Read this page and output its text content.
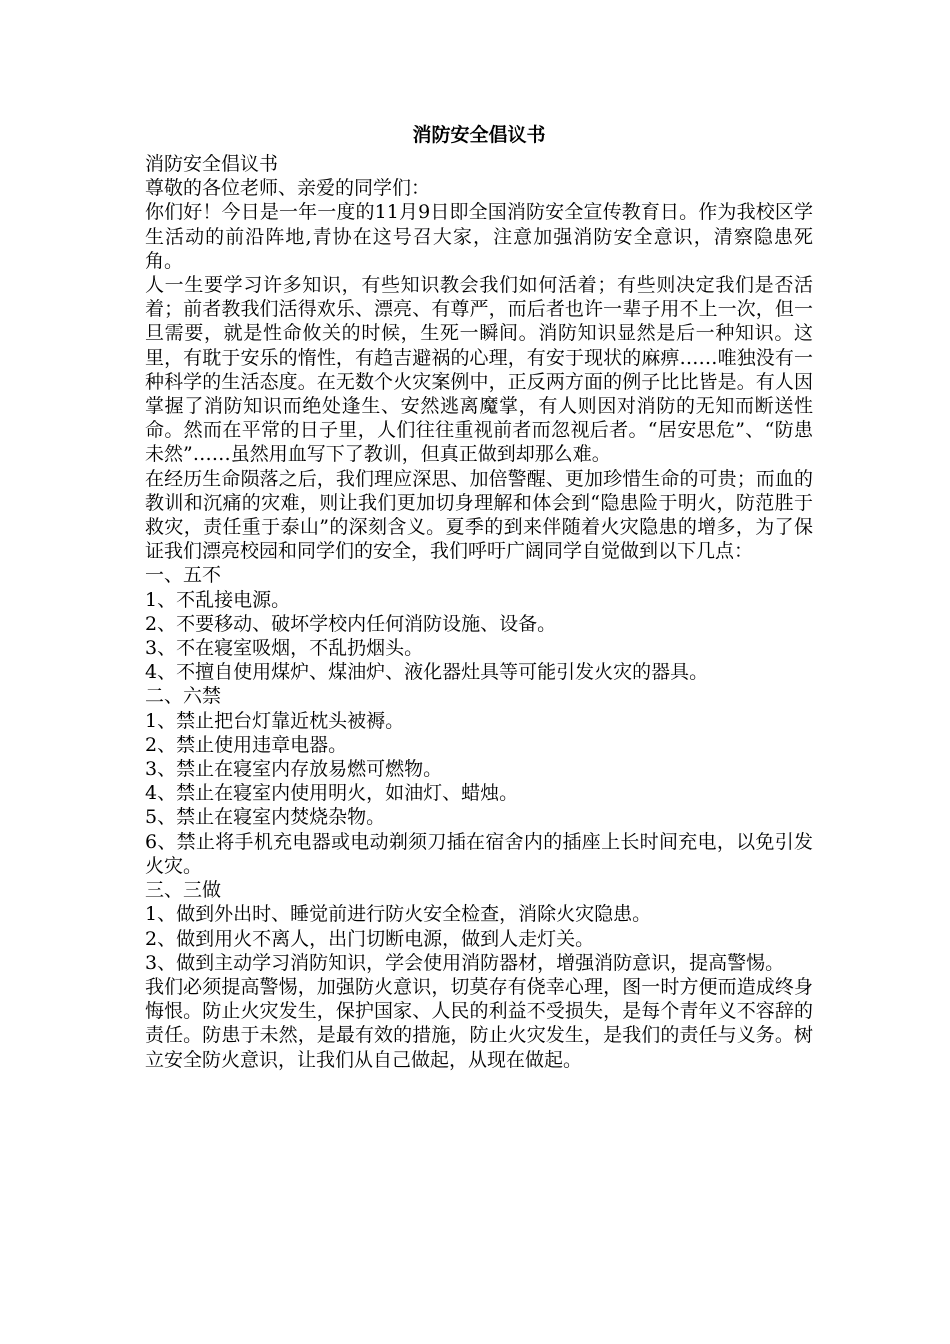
消防安全倡议书

消防安全倡议书

尊敬的各位老师、亲爱的同学们：

你们好！今日是一年一度的11月9日即全国消防安全宣传教育日。作为我校区学生活动的前沿阵地,青协在这号召大家，注意加强消防安全意识，清察隐患死角。

人一生要学习许多知识，有些知识教会我们如何活着；有些则决定我们是否活着；前者教我们活得欢乐、漂亮、有尊严，而后者也许一辈子用不上一次，但一旦需要，就是性命攸关的时候，生死一瞬间。消防知识显然是后一种知识。这里，有耽于安乐的惰性，有趋吉避祸的心理，有安于现状的麻痹……唯独没有一种科学的生活态度。在无数个火灾案例中，正反两方面的例子比比皆是。有人因掌握了消防知识而绝处逢生、安然逃离魔掌，有人则因对消防的无知而断送性命。然而在平常的日子里，人们往往重视前者而忽视后者。“居安思危”、“防患未然”……虽然用血写下了教训，但真正做到却那么难。

在经历生命陨落之后，我们理应深思、加倍警醒、更加珍惜生命的可贵；而血的教训和沉痛的灾难，则让我们更加切身理解和体会到“隐患险于明火，防范胜于救灾，责任重于泰山”的深刻含义。夏季的到来伴随着火灾隐患的增多，为了保证我们漂亮校园和同学们的安全，我们呼吁广阔同学自觉做到以下几点：

一、五不

1、不乱接电源。

2、不要移动、破坏学校内任何消防设施、设备。

3、不在寝室吸烟，不乱扔烟头。

4、不擅自使用煤炉、煤油炉、液化器灶具等可能引发火灾的器具。

二、六禁

1、禁止把台灯靠近枕头被褥。

2、禁止使用违章电器。

3、禁止在寝室内存放易燃可燃物。

4、禁止在寝室内使用明火，如油灯、蜡烛。

5、禁止在寝室内焚烧杂物。

6、禁止将手机充电器或电动剃须刀插在宿舍内的插座上长时间充电，以免引发火灾。

三、三做

1、做到外出时、睡觉前进行防火安全检查，消除火灾隐患。

2、做到用火不离人，出门切断电源，做到人走灯关。

3、做到主动学习消防知识，学会使用消防器材，增强消防意识，提高警惕。

我们必须提高警惕，加强防火意识，切莫存有侥幸心理，图一时方便而造成终身悔恨。防止火灾发生，保护国家、人民的利益不受损失，是每个青年义不容辞的责任。防患于未然，是最有效的措施，防止火灾发生，是我们的责任与义务。树立安全防火意识，让我们从自己做起，从现在做起。
